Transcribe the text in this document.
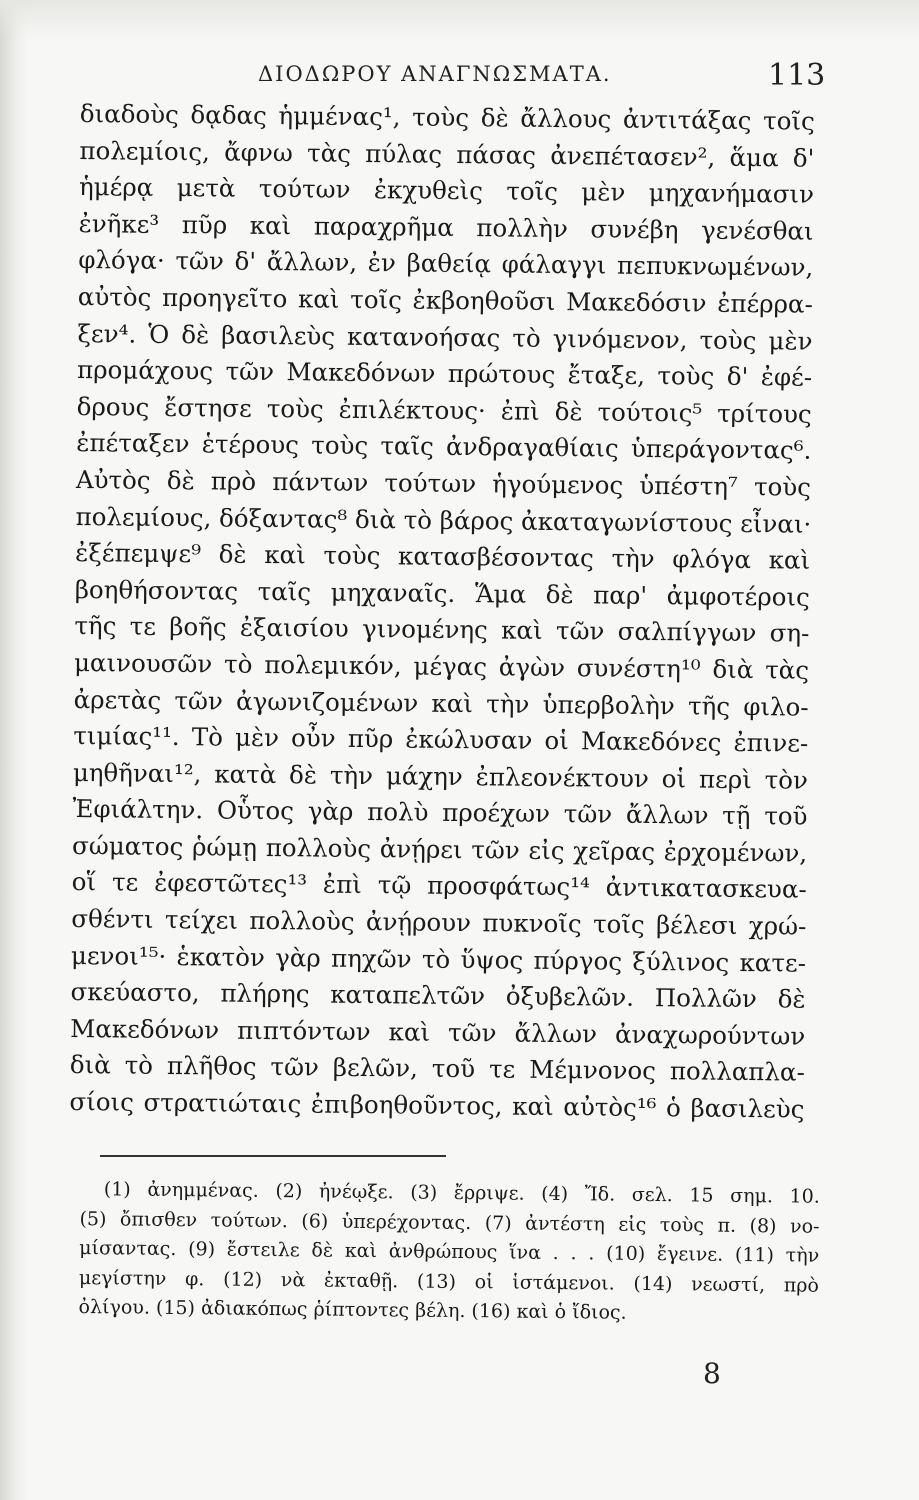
ΔΙΟΔΩΡΟΥ ΑΝΑΓΝΩΣΜΑΤΑ.	113
διαδοὺς δᾳδας ἡμμένας¹, τοὺς δὲ ἄλλους ἀντιτάξας τοῖς
πολεμίοις, ἄφνω τὰς πύλας πάσας ἀνεπέτασεν², ἅμα δ'
ἡμέρᾳ μετὰ τούτων ἐκχυθεὶς τοῖς μὲν μηχανήμασιν
ἐνῆκε³ πῦρ καὶ παραχρῆμα πολλὴν συνέβη γενέσθαι
φλόγα· τῶν δ' ἄλλων, ἐν βαθείᾳ φάλαγγι πεπυκνωμένων,
αὐτὸς προηγεῖτο καὶ τοῖς ἐκβοηθοῦσι Μακεδόσιν ἐπέρρα-
ξεν⁴. Ὁ δὲ βασιλεὺς κατανοήσας τὸ γινόμενον, τοὺς μὲν
προμάχους τῶν Μακεδόνων πρώτους ἔταξε, τοὺς δ' ἐφέ-
δρους ἔστησε τοὺς ἐπιλέκτους· ἐπὶ δὲ τούτοις⁵ τρίτους
ἐπέταξεν ἑτέρους τοὺς ταῖς ἀνδραγαθίαις ὑπεράγοντας⁶.
Αὐτὸς δὲ πρὸ πάντων τούτων ἡγούμενος ὑπέστη⁷ τοὺς
πολεμίους, δόξαντας⁸ διὰ τὸ βάρος ἀκαταγωνίστους εἶναι·
ἐξέπεμψε⁹ δὲ καὶ τοὺς κατασβέσοντας τὴν φλόγα καὶ
βοηθήσοντας ταῖς μηχαναῖς. Ἅμα δὲ παρ' ἀμφοτέροις
τῆς τε βοῆς ἐξαισίου γινομένης καὶ τῶν σαλπίγγων ση-
μαινουσῶν τὸ πολεμικόν, μέγας ἀγὼν συνέστη¹⁰ διὰ τὰς
ἀρετὰς τῶν ἀγωνιζομένων καὶ τὴν ὑπερβολὴν τῆς φιλο-
τιμίας¹¹. Τὸ μὲν οὖν πῦρ ἐκώλυσαν οἱ Μακεδόνες ἐπινε-
μηθῆναι¹², κατὰ δὲ τὴν μάχην ἐπλεονέκτουν οἱ περὶ τὸν
Ἐφιάλτην. Οὗτος γὰρ πολὺ προέχων τῶν ἄλλων τῇ τοῦ
σώματος ῥώμῃ πολλοὺς ἀνῄρει τῶν εἰς χεῖρας ἐρχομένων,
οἵ τε ἐφεστῶτες¹³ ἐπὶ τῷ προσφάτως¹⁴ ἀντικατασκευα-
σθέντι τείχει πολλοὺς ἀνῄρουν πυκνοῖς τοῖς βέλεσι χρώ-
μενοι¹⁵· ἑκατὸν γὰρ πηχῶν τὸ ὕψος πύργος ξύλινος κατε-
σκεύαστο, πλήρης καταπελτῶν ὀξυβελῶν. Πολλῶν δὲ
Μακεδόνων πιπτόντων καὶ τῶν ἄλλων ἀναχωρούντων
διὰ τὸ πλῆθος τῶν βελῶν, τοῦ τε Μέμνονος πολλαπλα-
σίοις στρατιώταις ἐπιβοηθοῦντος, καὶ αὐτὸς¹⁶ ὁ βασιλεὺς
(1) ἀνημμένας. (2) ἠνέῳξε. (3) ἔρριψε. (4) Ἴδ. σελ. 15 σημ. 10.
(5) ὄπισθεν τούτων. (6) ὑπερέχοντας. (7) ἀντέστη εἰς τοὺς π. (8) νο-
μίσαντας. (9) ἔστειλε δὲ καὶ ἀνθρώπους ἵνα . . . (10) ἔγεινε. (11) τὴν
μεγίστην φ. (12) νὰ ἐκταθῇ. (13) οἱ ἱστάμενοι. (14) νεωστί, πρὸ
ὀλίγου. (15) ἀδιακόπως ῥίπτοντες βέλη. (16) καὶ ὁ ἴδιος.
8
